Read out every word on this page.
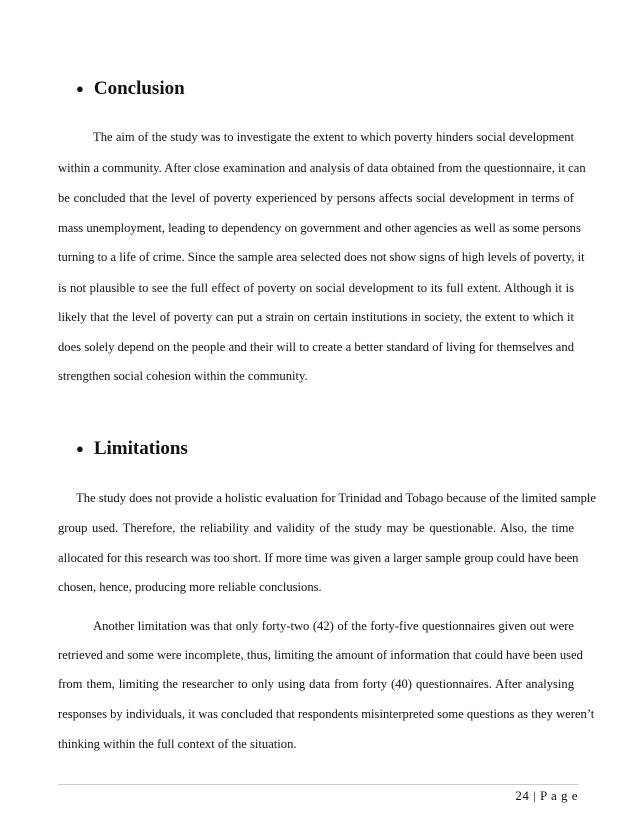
● Conclusion
The aim of the study was to investigate the extent to which poverty hinders social development
within a community. After close examination and analysis of data obtained from the questionnaire, it can
be concluded that the level of poverty experienced by persons affects social development in terms of
mass unemployment, leading to dependency on government and other agencies as well as some persons
turning to a life of crime. Since the sample area selected does not show signs of high levels of poverty, it
is not plausible to see the full effect of poverty on social development to its full extent. Although it is
likely that the level of poverty can put a strain on certain institutions in society, the extent to which it
does solely depend on the people and their will to create a better standard of living for themselves and
strengthen social cohesion within the community.
● Limitations
The study does not provide a holistic evaluation for Trinidad and Tobago because of the limited sample
group used. Therefore, the reliability and validity of the study may be questionable. Also, the time
allocated for this research was too short. If more time was given a larger sample group could have been
chosen, hence, producing more reliable conclusions.
Another limitation was that only forty-two (42) of the forty-five questionnaires given out were
retrieved and some were incomplete, thus, limiting the amount of information that could have been used
from them, limiting the researcher to only using data from forty (40) questionnaires. After analysing
responses by individuals, it was concluded that respondents misinterpreted some questions as they weren’t
thinking within the full context of the situation.
24 | P a g e
